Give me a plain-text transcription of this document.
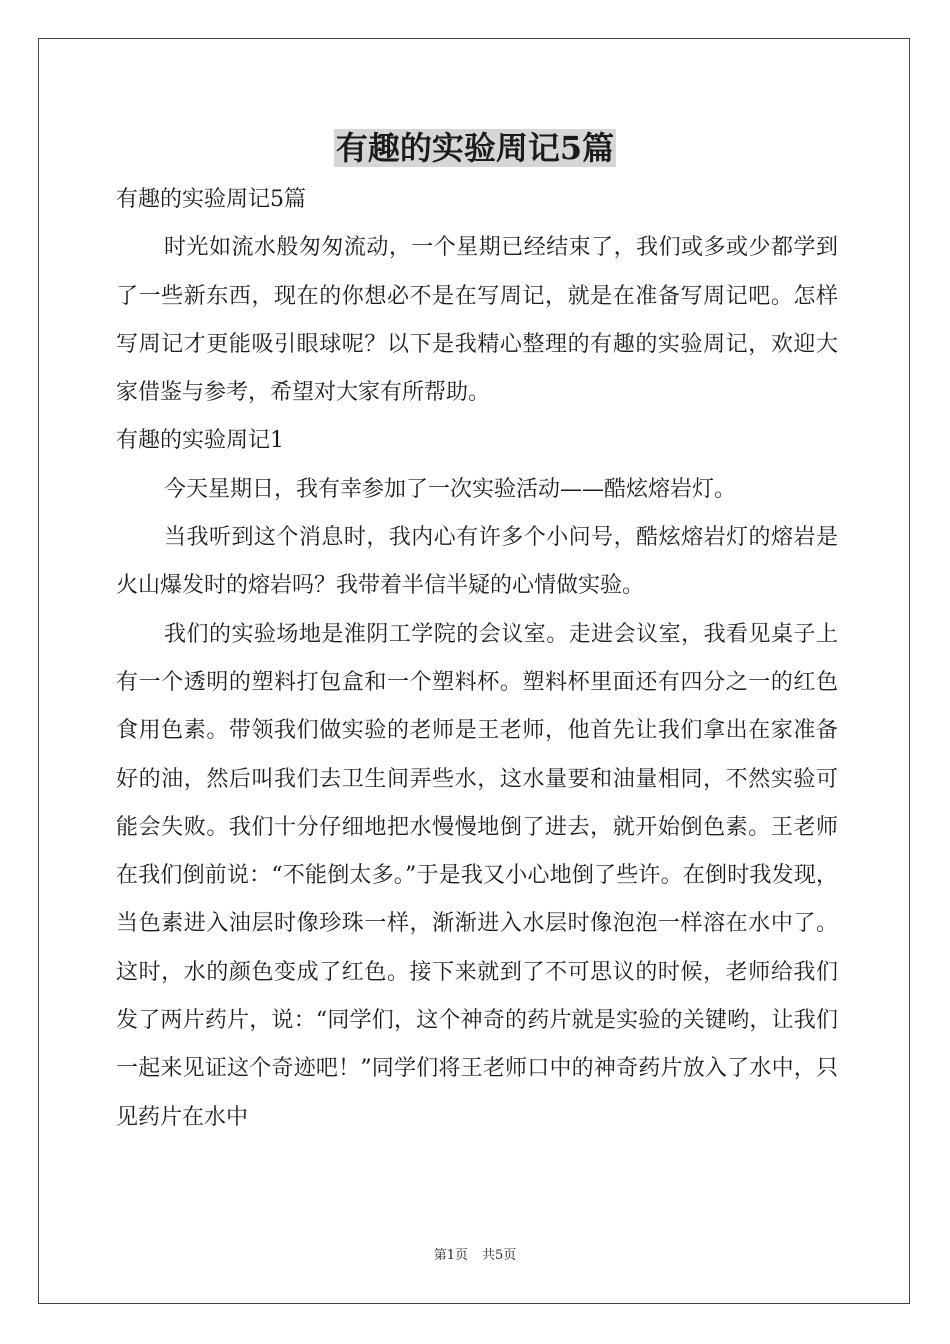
有趣的实验周记5篇

有趣的实验周记5篇

时光如流水般匆匆流动，一个星期已经结束了，我们或多或少都学到了一些新东西，现在的你想必不是在写周记，就是在准备写周记吧。怎样写周记才更能吸引眼球呢？以下是我精心整理的有趣的实验周记，欢迎大家借鉴与参考，希望对大家有所帮助。

有趣的实验周记1

今天星期日，我有幸参加了一次实验活动——酷炫熔岩灯。

当我听到这个消息时，我内心有许多个小问号，酷炫熔岩灯的熔岩是火山爆发时的熔岩吗？我带着半信半疑的心情做实验。

我们的实验场地是淮阴工学院的会议室。走进会议室，我看见桌子上有一个透明的塑料打包盒和一个塑料杯。塑料杯里面还有四分之一的红色食用色素。带领我们做实验的老师是王老师，他首先让我们拿出在家准备好的油，然后叫我们去卫生间弄些水，这水量要和油量相同，不然实验可能会失败。我们十分仔细地把水慢慢地倒了进去，就开始倒色素。王老师在我们倒前说：“不能倒太多。”于是我又小心地倒了些许。在倒时我发现，当色素进入油层时像珍珠一样，渐渐进入水层时像泡泡一样溶在水中了。这时，水的颜色变成了红色。接下来就到了不可思议的时候，老师给我们发了两片药片，说：“同学们，这个神奇的药片就是实验的关键哟，让我们一起来见证这个奇迹吧！”同学们将王老师口中的神奇药片放入了水中，只见药片在水中

第1页 共5页
